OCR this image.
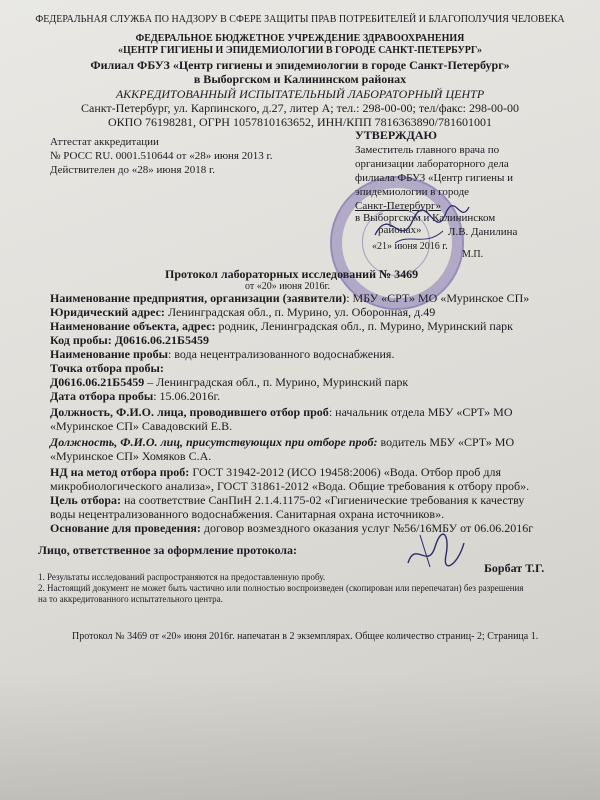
ФЕДЕРАЛЬНАЯ СЛУЖБА ПО НАДЗОРУ В СФЕРЕ ЗАЩИТЫ ПРАВ ПОТРЕБИТЕЛЕЙ И БЛАГОПОЛУЧИЯ ЧЕЛОВЕКА
ФЕДЕРАЛЬНОЕ БЮДЖЕТНОЕ УЧРЕЖДЕНИЕ ЗДРАВООХРАНЕНИЯ
«ЦЕНТР ГИГИЕНЫ И ЭПИДЕМИОЛОГИИ В ГОРОДЕ САНКТ-ПЕТЕРБУРГ»
Филиал ФБУЗ «Центр гигиены и эпидемиологии в городе Санкт-Петербург»
в Выборгском и Калининском районах
АККРЕДИТОВАННЫЙ ИСПЫТАТЕЛЬНЫЙ ЛАБОРАТОРНЫЙ ЦЕНТР
Санкт-Петербург, ул. Карпинского, д.27, литер А; тел.: 298-00-00; тел/факс: 298-00-00
ОКПО 76198281, ОГРН 1057810163652, ИНН/КПП 7816363890/781601001
Аттестат аккредитации
№ РОСС RU. 0001.510644 от «28» июня 2013 г.
Действителен до «28» июня 2018 г.
УТВЕРЖДАЮ
Заместитель главного врача по
организации лабораторного дела
филиала ФБУЗ «Центр гигиены и
эпидемиологии в городе
Санкт-Петербург»
в Выборгском и Калининском
районах» Л.В. Данилина
«21» июня 2016 г.
М.П.
Протокол лабораторных исследований № 3469
от «20» июня 2016г.
Наименование предприятия, организации (заявители): МБУ «СРТ» МО «Муринское СП»
Юридический адрес: Ленинградская обл., п. Мурино, ул. Оборонная, д.49
Наименование объекта, адрес: родник, Ленинградская обл., п. Мурино, Муринский парк
Код пробы: Д0616.06.21Б5459
Наименование пробы: вода нецентрализованного водоснабжения.
Точка отбора пробы:
Д0616.06.21Б5459 – Ленинградская обл., п. Мурино, Муринский парк
Дата отбора пробы: 15.06.2016г.
Должность, Ф.И.О. лица, проводившего отбор проб: начальник отдела МБУ «СРТ» МО
«Муринское СП» Савадовский Е.В.
Должность, Ф.И.О. лиц, присутствующих при отборе проб: водитель МБУ «СРТ» МО
«Муринское СП» Хомяков С.А.
НД на метод отбора проб: ГОСТ 31942-2012 (ИСО 19458:2006) «Вода. Отбор проб для
микробиологического анализа», ГОСТ 31861-2012 «Вода. Общие требования к отбору проб».
Цель отбора: на соответствие СанПиН 2.1.4.1175-02 «Гигиенические требования к качеству
воды нецентрализованного водоснабжения. Санитарная охрана источников».
Основание для проведения: договор возмездного оказания услуг №56/16МБУ от 06.06.2016г
Лицо, ответственное за оформление протокола:
Борбат Т.Г.
1. Результаты исследований распространяются на предоставленную пробу.
2. Настоящий документ не может быть частично или полностью воспроизведен (скопирован или перепечатан) без разрешения
на то аккредитованного испытательного центра.
Протокол № 3469 от «20» июня 2016г. напечатан в 2 экземплярах. Общее количество страниц- 2; Страница 1.
